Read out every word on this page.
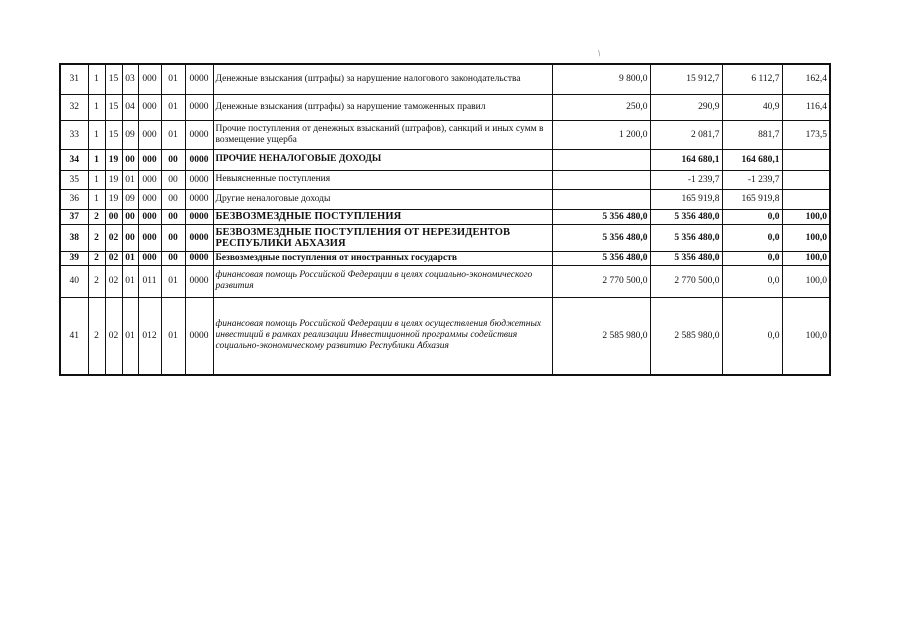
/
31	1	15	03	000	01	0000	Денежные взыскания (штрафы) за нарушение налогового законодательства	9 800,0	15 912,7	6 112,7	162,4
32	1	15	04	000	01	0000	Денежные взыскания (штрафы) за нарушение таможенных правил	250,0	290,9	40,9	116,4
33	1	15	09	000	01	0000	Прочие поступления от денежных взысканий (штрафов), санкций и иных сумм в возмещение ущерба	1 200,0	2 081,7	881,7	173,5
34	1	19	00	000	00	0000	ПРОЧИЕ НЕНАЛОГОВЫЕ ДОХОДЫ		164 680,1	164 680,1	
35	1	19	01	000	00	0000	Невыясненные поступления		-1 239,7	-1 239,7	
36	1	19	09	000	00	0000	Другие неналоговые доходы		165 919,8	165 919,8	
37	2	00	00	000	00	0000	БЕЗВОЗМЕЗДНЫЕ ПОСТУПЛЕНИЯ	5 356 480,0	5 356 480,0	0,0	100,0
38	2	02	00	000	00	0000	БЕЗВОЗМЕЗДНЫЕ ПОСТУПЛЕНИЯ ОТ НЕРЕЗИДЕНТОВ РЕСПУБЛИКИ АБХАЗИЯ	5 356 480,0	5 356 480,0	0,0	100,0
39	2	02	01	000	00	0000	Безвозмездные поступления от иностранных государств	5 356 480,0	5 356 480,0	0,0	100,0
40	2	02	01	011	01	0000	финансовая помощь Российской Федерации в целях социально-экономического развития	2 770 500,0	2 770 500,0	0,0	100,0
41	2	02	01	012	01	0000	финансовая помощь Российской Федерации в целях осуществления бюджетных инвестиций в рамках реализации Инвестиционной программы содействия социально-экономическому развитию Республики Абхазия	2 585 980,0	2 585 980,0	0,0	100,0
